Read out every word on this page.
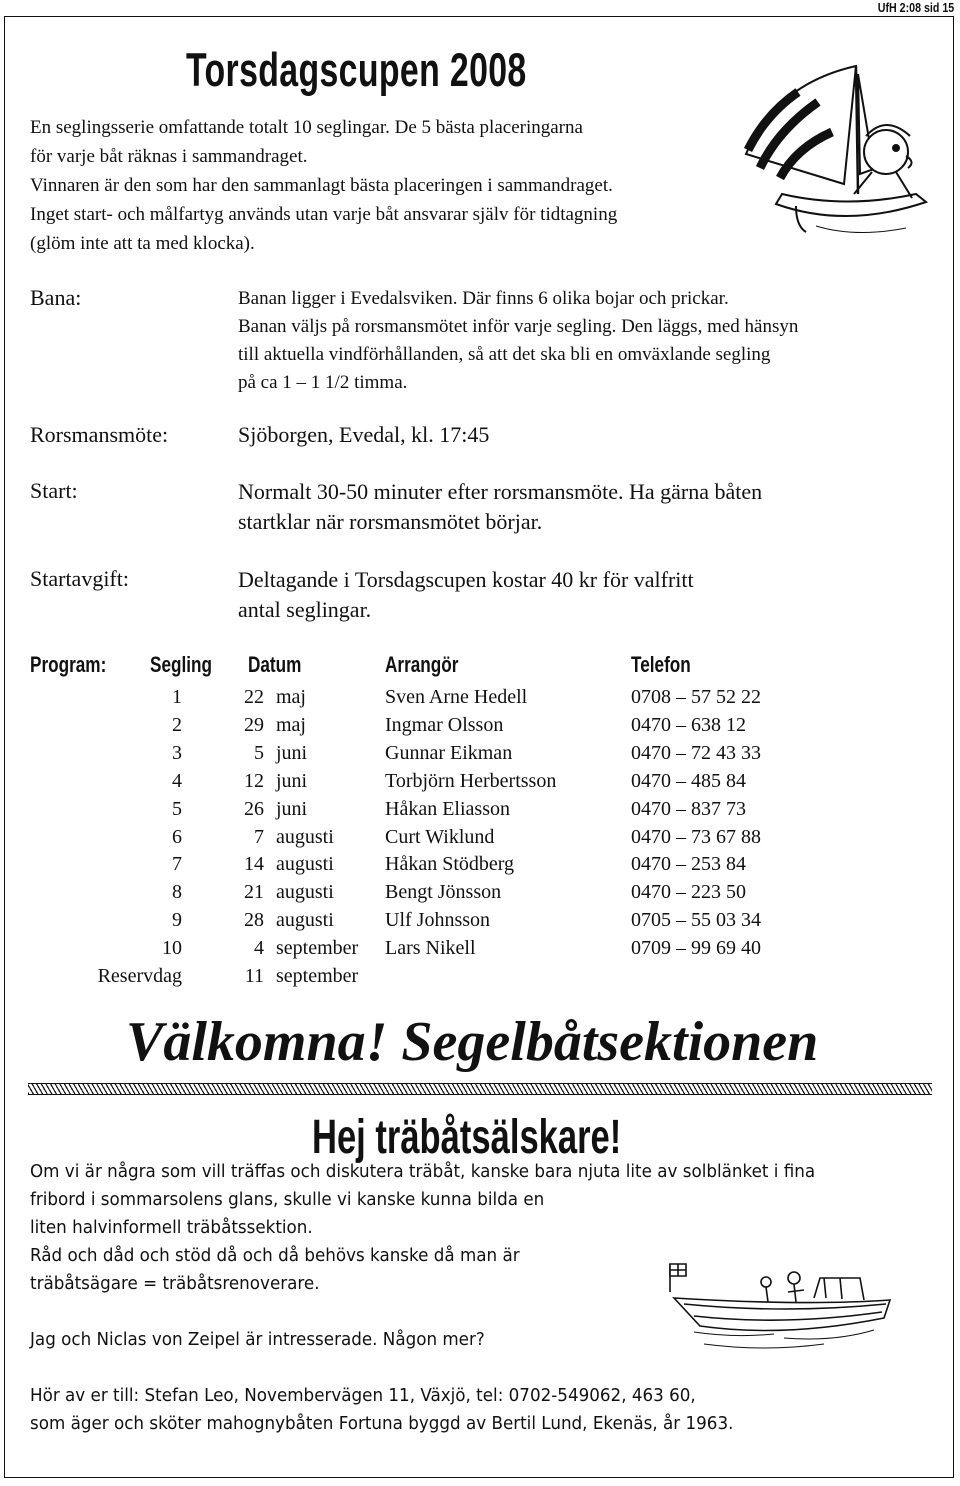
UfH 2:08 sid 15
Torsdagscupen 2008

En seglingsserie omfattande totalt 10 seglingar. De 5 bästa placeringarna

för varje båt räknas i sammandraget.

Vinnaren är den som har den sammanlagt bästa placeringen i sammandraget.

Inget start- och målfartyg används utan varje båt ansvarar själv för tidtagning

(glöm inte att ta med klocka).

Bana:	Banan ligger i Evedalsviken. Där finns 6 olika bojar och prickar.

Banan väljs på rorsmansmötet inför varje segling. Den läggs, med hänsyn

till aktuella vindförhållanden, så att det ska bli en omväxlande segling

på ca 1 – 1 1/2 timma.

Rorsmansmöte:	Sjöborgen, Evedal, kl. 17:45
Start:	Normalt 30-50 minuter efter rorsmansmöte. Ha gärna båten

startklar när rorsmansmötet börjar.

Startavgift:	Deltagande i Torsdagscupen kostar 40 kr för valfritt

antal seglingar.

Program: Segling Datum	Arrangör	Telefon
1	22 maj	Sven Arne Hedell	0708 – 57 52 22
2	29 maj	Ingmar Olsson	0470 – 638 12
3	5 juni	Gunnar Eikman	0470 – 72 43 33
4	12 juni	Torbjörn Herbertsson	0470 – 485 84
5	26 juni	Håkan Eliasson	0470 – 837 73
6	7 augusti	Curt Wiklund	0470 – 73 67 88
7	14 augusti	Håkan Stödberg	0470 – 253 84
8	21 augusti	Bengt Jönsson	0470 – 223 50
9	28 augusti	Ulf Johnsson	0705 – 55 03 34
10	4 september Lars Nikell	0709 – 99 69 40
Reservdag	11 september
Välkomna! Segelbåtsektionen
Hej träbåtsälskare!

Om vi är några som vill träffas och diskutera träbåt, kanske bara njuta lite av solblänket i fina

fribord i sommarsolens glans, skulle vi kanske kunna bilda en

liten halvinformell träbåtssektion.

Råd och dåd och stöd då och då behövs kanske då man är

träbåtsägare = träbåtsrenoverare.

Jag och Niclas von Zeipel är intresserade. Någon mer?

Hör av er till: Stefan Leo, Novembervägen 11, Växjö, tel: 0702-549062, 463 60,

som äger och sköter mahognybåten Fortuna byggd av Bertil Lund, Ekenäs, år 1963.
